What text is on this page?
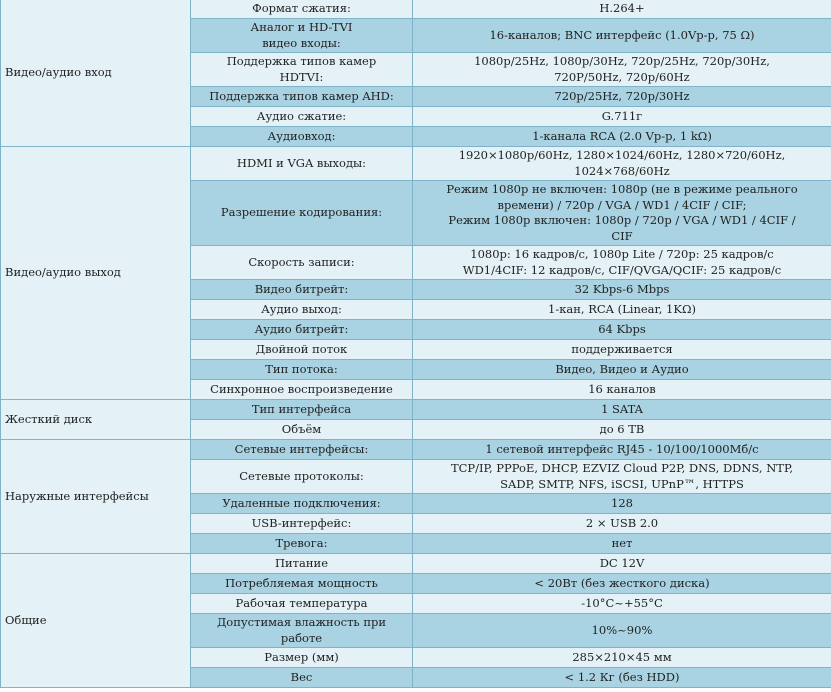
Видео/аудио вход	Формат сжатия:	H.264+
	Аналог и HD-TVI
видео входы:	16-каналов; BNC интерфейс (1.0Vp-p, 75 Ω)
	Поддержка типов камер
HDTVI:	1080p/25Hz, 1080p/30Hz, 720p/25Hz, 720p/30Hz,
720P/50Hz, 720p/60Hz
	Поддержка типов камер AHD:	720p/25Hz, 720p/30Hz
	Аудио сжатие:	G.711г
	Аудиовход:	1-канала RCA (2.0 Vp-p, 1 kΩ)
Видео/аудио выход	HDMI и VGA выходы:	1920×1080p/60Hz, 1280×1024/60Hz, 1280×720/60Hz,
1024×768/60Hz
	Разрешение кодирования:	Режим 1080p не включен: 1080p (не в режиме реального
времени) / 720p / VGA / WD1 / 4CIF / CIF;
Режим 1080p включен: 1080p / 720p / VGA / WD1 / 4CIF /
CIF
	Скорость записи:	1080p: 16 кадров/с, 1080p Lite / 720p: 25 кадров/с
WD1/4CIF: 12 кадров/с, CIF/QVGA/QCIF: 25 кадров/с
	Видео битрейт:	32 Kbps-6 Mbps
	Аудио выход:	1-кан, RCA (Linear, 1KΩ)
	Аудио битрейт:	64 Kbps
	Двойной поток	поддерживается
	Тип потока:	Видео, Видео и Аудио
	Синхронное воспроизведение	16 каналов
Жесткий диск	Тип интерфейса	1 SATA
	Объём	до 6 TB
Наружные интерфейсы	Сетевые интерфейсы:	1 сетевой интерфейс RJ45 - 10/100/1000Мб/с
	Сетевые протоколы:	TCP/IP, PPPoE, DHCP, EZVIZ Cloud P2P, DNS, DDNS, NTP,
SADP, SMTP, NFS, iSCSI, UPnP™, HTTPS
	Удаленные подключения:	128
	USB-интерфейс:	2 × USB 2.0
	Тревога:	нет
Общие	Питание	DC 12V
	Потребляемая мощность	< 20Вт (без жесткого диска)
	Рабочая температура	-10°C~+55°C
	Допустимая влажность при
работе	10%~90%
	Размер (мм)	285×210×45 мм
	Вес	< 1.2 Кг (без HDD)
